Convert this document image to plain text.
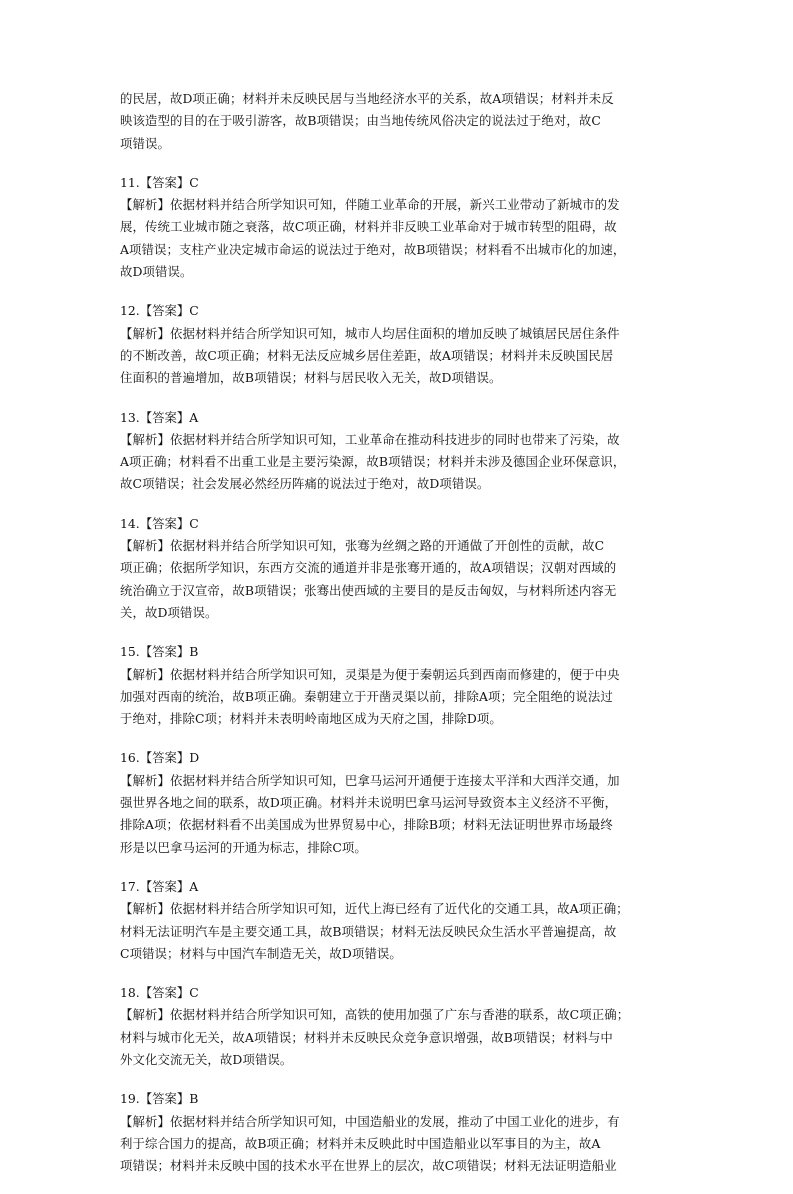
的民居，故D项正确；材料并未反映民居与当地经济水平的关系，故A项错误；材料并未反
映该造型的目的在于吸引游客，故B项错误；由当地传统风俗决定的说法过于绝对，故C
项错误。
11.【答案】C
【解析】依据材料并结合所学知识可知，伴随工业革命的开展，新兴工业带动了新城市的发
展，传统工业城市随之衰落，故C项正确，材料并非反映工业革命对于城市转型的阻碍，故
A项错误；支柱产业决定城市命运的说法过于绝对，故B项错误；材料看不出城市化的加速，
故D项错误。
12.【答案】C
【解析】依据材料并结合所学知识可知，城市人均居住面积的增加反映了城镇居民居住条件
的不断改善，故C项正确；材料无法反应城乡居住差距，故A项错误；材料并未反映国民居
住面积的普遍增加，故B项错误；材料与居民收入无关，故D项错误。
13.【答案】A
【解析】依据材料并结合所学知识可知，工业革命在推动科技进步的同时也带来了污染，故
A项正确；材料看不出重工业是主要污染源，故B项错误；材料并未涉及德国企业环保意识，
故C项错误；社会发展必然经历阵痛的说法过于绝对，故D项错误。
14.【答案】C
【解析】依据材料并结合所学知识可知，张骞为丝绸之路的开通做了开创性的贡献，故C
项正确；依据所学知识，东西方交流的通道并非是张骞开通的，故A项错误；汉朝对西域的
统治确立于汉宣帝，故B项错误；张骞出使西域的主要目的是反击匈奴，与材料所述内容无
关，故D项错误。
15.【答案】B
【解析】依据材料并结合所学知识可知，灵渠是为便于秦朝运兵到西南而修建的，便于中央
加强对西南的统治，故B项正确。秦朝建立于开凿灵渠以前，排除A项；完全阻绝的说法过
于绝对，排除C项；材料并未表明岭南地区成为天府之国，排除D项。
16.【答案】D
【解析】依据材料并结合所学知识可知，巴拿马运河开通便于连接太平洋和大西洋交通，加
强世界各地之间的联系，故D项正确。材料并未说明巴拿马运河导致资本主义经济不平衡，
排除A项；依据材料看不出美国成为世界贸易中心，排除B项；材料无法证明世界市场最终
形是以巴拿马运河的开通为标志，排除C项。
17.【答案】A
【解析】依据材料并结合所学知识可知，近代上海已经有了近代化的交通工具，故A项正确；
材料无法证明汽车是主要交通工具，故B项错误；材料无法反映民众生活水平普遍提高，故
C项错误；材料与中国汽车制造无关，故D项错误。
18.【答案】C
【解析】依据材料并结合所学知识可知，高铁的使用加强了广东与香港的联系，故C项正确；
材料与城市化无关，故A项错误；材料并未反映民众竞争意识增强，故B项错误；材料与中
外文化交流无关，故D项错误。
19.【答案】B
【解析】依据材料并结合所学知识可知，中国造船业的发展，推动了中国工业化的进步，有
利于综合国力的提高，故B项正确；材料并未反映此时中国造船业以军事目的为主，故A
项错误；材料并未反映中国的技术水平在世界上的层次，故C项错误；材料无法证明造船业
